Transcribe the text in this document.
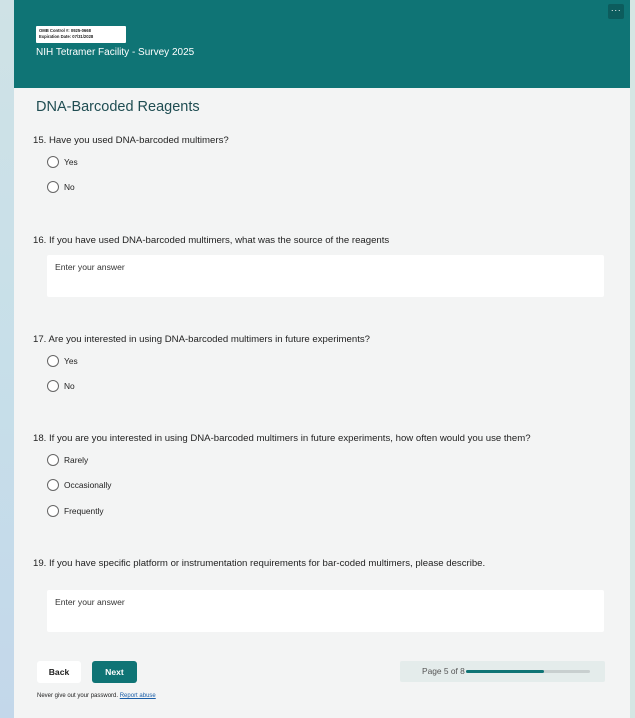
OMB Control #: 0925-0668
Expiration Date: 07/31/2028
NIH Tetramer Facility - Survey 2025
···
DNA-Barcoded Reagents
15. Have you used DNA-barcoded multimers?
Yes
No
16. If you have used DNA-barcoded multimers, what was the source of the reagents
Enter your answer
17. Are you interested in using DNA-barcoded multimers in future experiments?
Yes
No
18. If you are you interested in using DNA-barcoded multimers in future experiments, how often would you use them?
Rarely
Occasionally
Frequently
19. If you have specific platform or instrumentation requirements for bar-coded multimers, please describe.
Enter your answer
Back	Next	Page 5 of 8
Never give out your password. Report abuse
